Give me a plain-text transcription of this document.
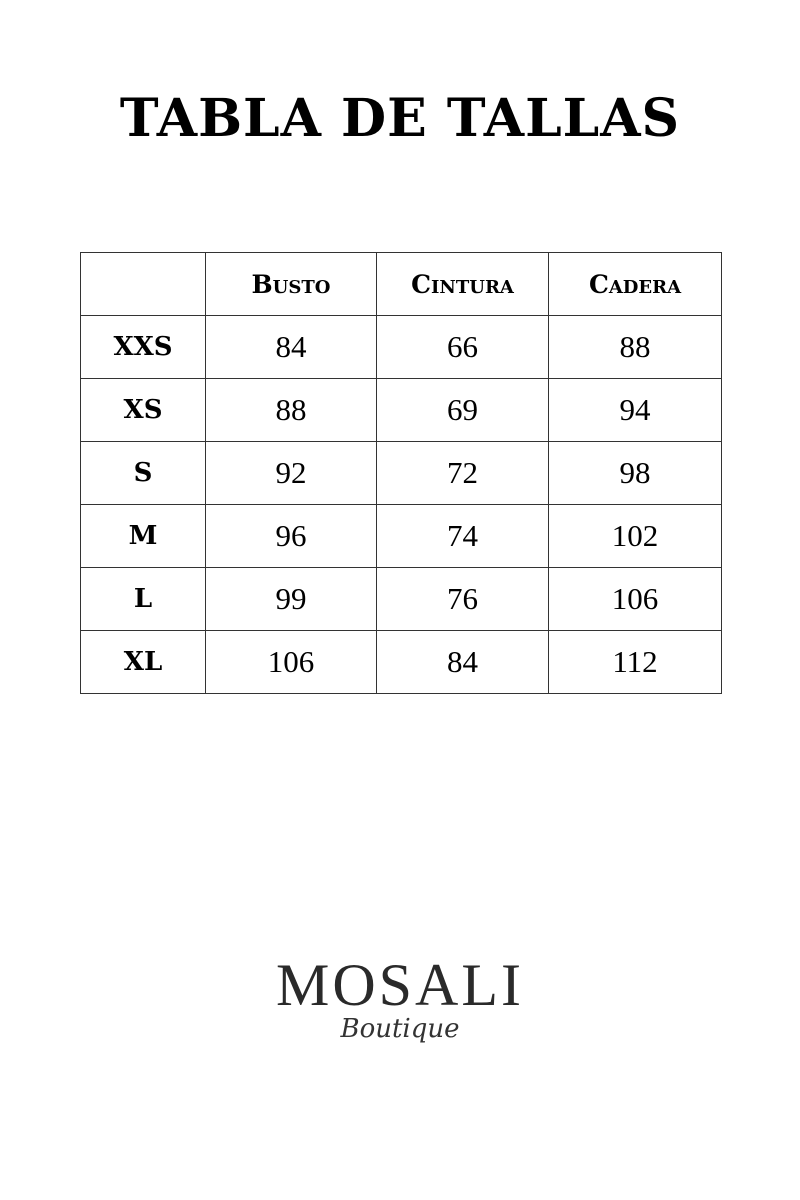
TABLA DE TALLAS
	Busto	Cintura	Cadera
XXS	84	66	88
XS	88	69	94
S	92	72	98
M	96	74	102
L	99	76	106
XL	106	84	112
MOSALI
Boutique
